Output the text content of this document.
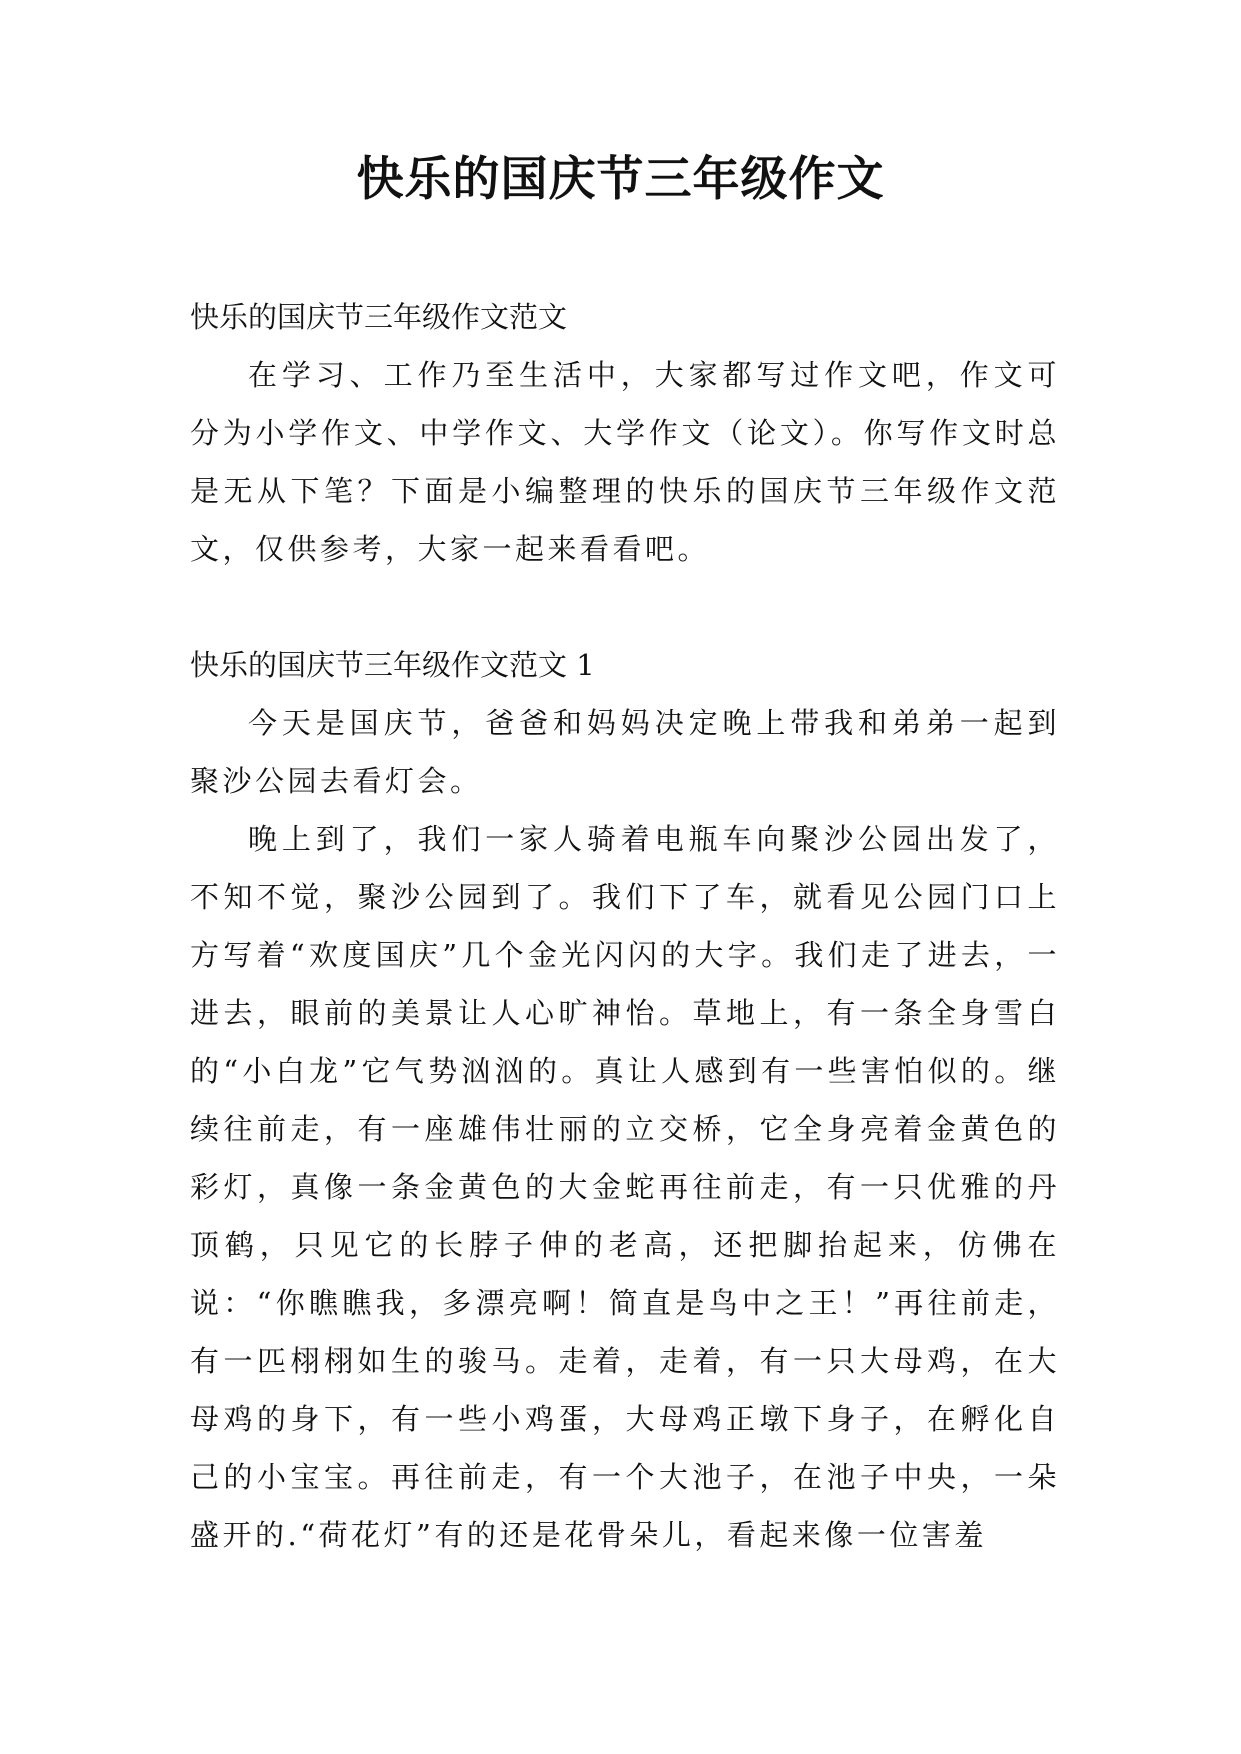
快乐的国庆节三年级作文

快乐的国庆节三年级作文范文

在学习、工作乃至生活中，大家都写过作文吧，作文可分为小学作文、中学作文、大学作文（论文）。你写作文时总是无从下笔？下面是小编整理的快乐的国庆节三年级作文范文，仅供参考，大家一起来看看吧。

快乐的国庆节三年级作文范文 1

今天是国庆节，爸爸和妈妈决定晚上带我和弟弟一起到聚沙公园去看灯会。

晚上到了，我们一家人骑着电瓶车向聚沙公园出发了，不知不觉，聚沙公园到了。我们下了车，就看见公园门口上方写着“欢度国庆”几个金光闪闪的大字。我们走了进去，一进去，眼前的美景让人心旷神怡。草地上，有一条全身雪白的“小白龙”它气势汹汹的。真让人感到有一些害怕似的。继续往前走，有一座雄伟壮丽的立交桥，它全身亮着金黄色的彩灯，真像一条金黄色的大金蛇再往前走，有一只优雅的丹顶鹤，只见它的长脖子伸的老高，还把脚抬起来，仿佛在说：“你瞧瞧我，多漂亮啊！简直是鸟中之王！”再往前走，有一匹栩栩如生的骏马。走着，走着，有一只大母鸡，在大母鸡的身下，有一些小鸡蛋，大母鸡正墩下身子，在孵化自己的小宝宝。再往前走，有一个大池子，在池子中央，一朵盛开的.“荷花灯”有的还是花骨朵儿，看起来像一位害羞
